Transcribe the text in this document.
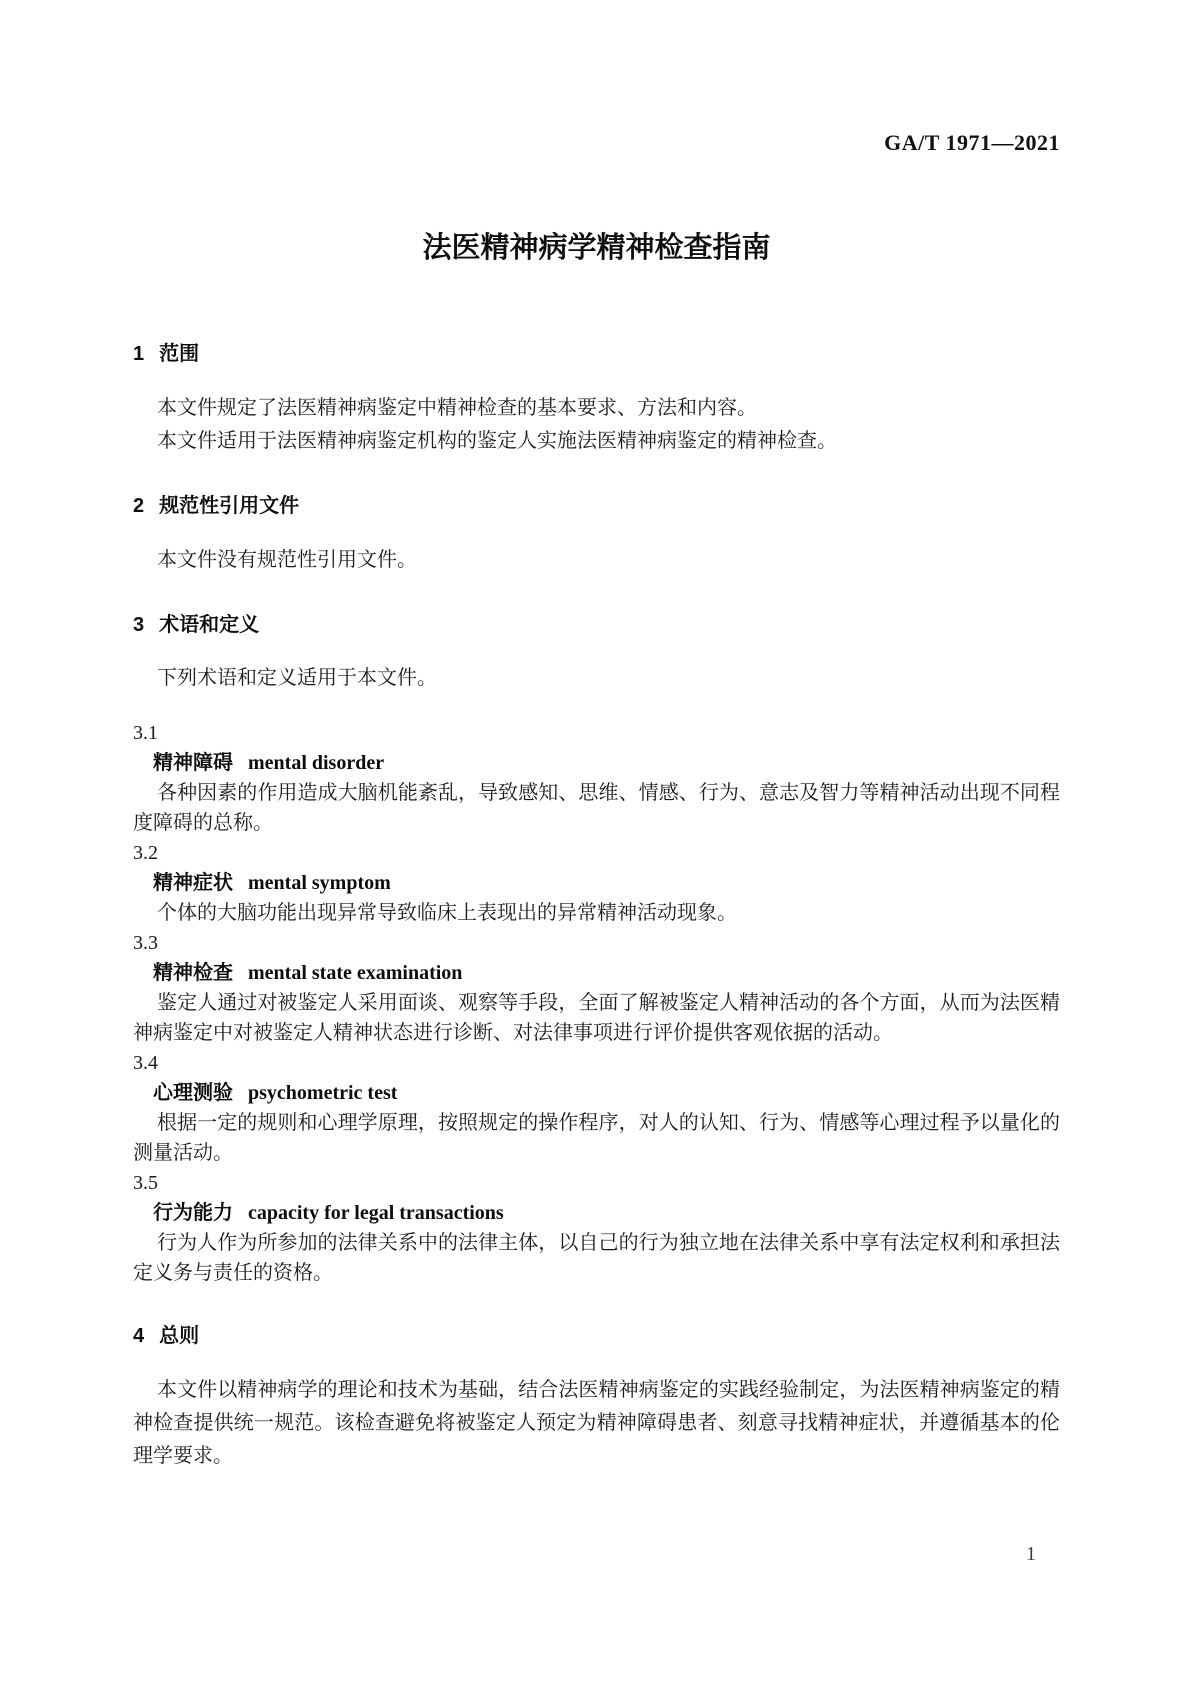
GA/T 1971—2021
法医精神病学精神检查指南
1 范围

本文件规定了法医精神病鉴定中精神检查的基本要求、方法和内容。

本文件适用于法医精神病鉴定机构的鉴定人实施法医精神病鉴定的精神检查。

2 规范性引用文件

本文件没有规范性引用文件。

3 术语和定义

下列术语和定义适用于本文件。

3.1
精神障碍 mental disorder

各种因素的作用造成大脑机能紊乱，导致感知、思维、情感、行为、意志及智力等精神活动出现不同程度障碍的总称。

3.2
精神症状 mental symptom

个体的大脑功能出现异常导致临床上表现出的异常精神活动现象。

3.3
精神检查 mental state examination

鉴定人通过对被鉴定人采用面谈、观察等手段，全面了解被鉴定人精神活动的各个方面，从而为法医精神病鉴定中对被鉴定人精神状态进行诊断、对法律事项进行评价提供客观依据的活动。

3.4
心理测验 psychometric test

根据一定的规则和心理学原理，按照规定的操作程序，对人的认知、行为、情感等心理过程予以量化的测量活动。

3.5
行为能力 capacity for legal transactions

行为人作为所参加的法律关系中的法律主体，以自己的行为独立地在法律关系中享有法定权利和承担法定义务与责任的资格。

4 总则

本文件以精神病学的理论和技术为基础，结合法医精神病鉴定的实践经验制定，为法医精神病鉴定的精神检查提供统一规范。该检查避免将被鉴定人预定为精神障碍患者、刻意寻找精神症状，并遵循基本的伦理学要求。

1
